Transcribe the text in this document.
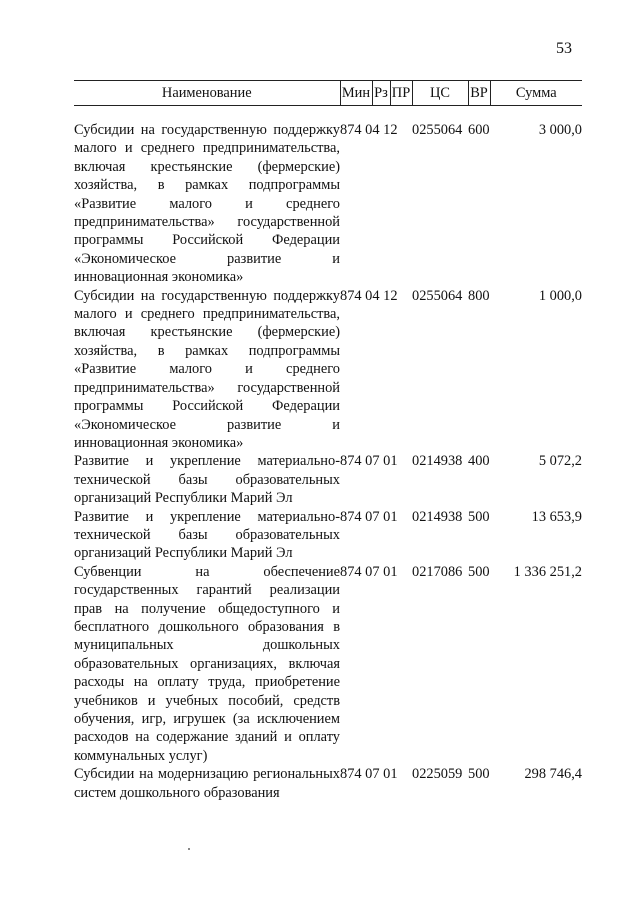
53
Наименование	Мин	Рз	ПР	ЦС	ВР	Сумма

Субсидии на государственную поддержку малого и среднего предпринимательства, включая крестьянские (фермерские) хозяйства, в рамках подпрограммы «Развитие малого и среднего предпринимательства» государственной программы Российской Федерации «Экономическое развитие и инновационная экономика»	874 04 12			0255064	600	3 000,0
Субсидии на государственную поддержку малого и среднего предпринимательства, включая крестьянские (фермерские) хозяйства, в рамках подпрограммы «Развитие малого и среднего предпринимательства» государственной программы Российской Федерации «Экономическое развитие и инновационная экономика»	874 04 12			0255064	800	1 000,0
Развитие и укрепление материально-технической базы образовательных организаций Республики Марий Эл	874 07 01			0214938	400	5 072,2
Развитие и укрепление материально-технической базы образовательных организаций Республики Марий Эл	874 07 01			0214938	500	13 653,9
Субвенции на обеспечение государственных гарантий реализации прав на получение общедоступного и бесплатного дошкольного образования в муниципальных дошкольных образовательных организациях, включая расходы на оплату труда, приобретение учебников и учебных пособий, средств обучения, игр, игрушек (за исключением расходов на содержание зданий и оплату коммунальных услуг)	874 07 01			0217086	500	1 336 251,2
Субсидии на модернизацию региональных систем дошкольного образования	874 07 01			0225059	500	298 746,4
